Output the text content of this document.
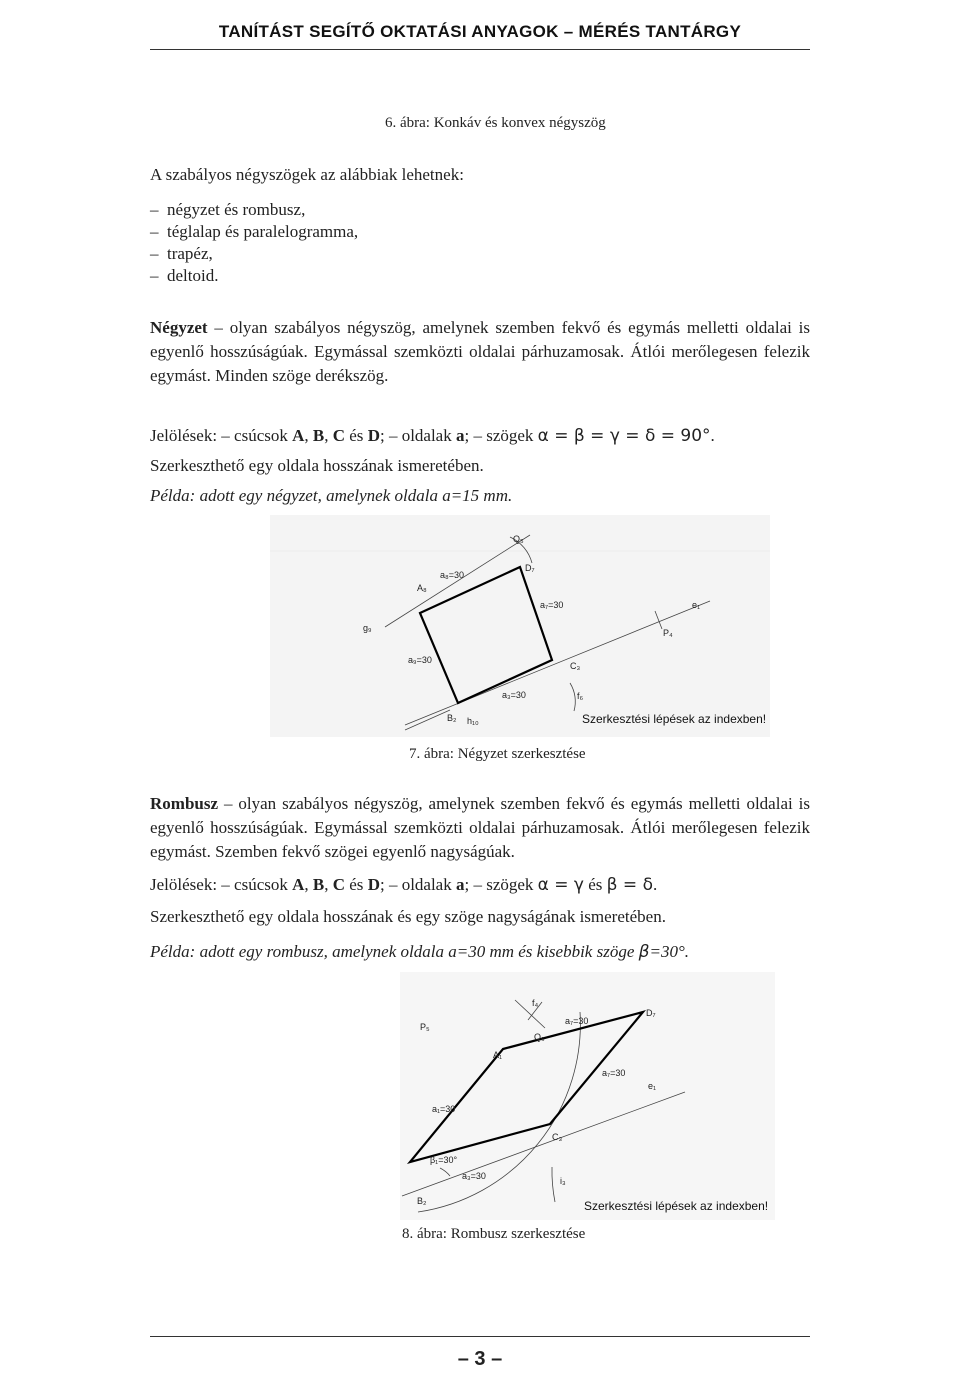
TANÍTÁST SEGÍTŐ OKTATÁSI ANYAGOK – MÉRÉS TANTÁRGY
6. ábra: Konkáv és konvex négyszög
A szabályos négyszögek az alábbiak lehetnek:
– négyzet és rombusz,
– téglalap és paralelogramma,
– trapéz,
– deltoid.
Négyzet – olyan szabályos négyszög, amelynek szemben fekvő és egymás melletti oldalai is egyenlő hosszúságúak. Egymással szemközti oldalai párhuzamosak. Átlói merőlegesen felezik egymást. Minden szöge derékszög.
Jelölések: – csúcsok A, B, C és D; – oldalak a; – szögek α = β = γ = δ = 90°.
Szerkeszthető egy oldala hosszának ismeretében.
Példa: adott egy négyzet, amelynek oldala a=15 mm.
Q₅
D₇
A₈
a₈=30
a₇=30	e₁
g₉	P₄
a₉=30
C₃
a₃=30	f₆
B₂ h₁₀	Szerkesztési lépések az indexben!
7. ábra: Négyzet szerkesztése
Rombusz – olyan szabályos négyszög, amelynek szemben fekvő és egymás melletti oldalai is egyenlő hosszúságúak. Egymással szemközti oldalai párhuzamosak. Átlói merőlegesen felezik egymást. Szemben fekvő szögei egyenlő nagyságúak.
Jelölések: – csúcsok A, B, C és D; – oldalak a; – szögek α = γ és β = δ.
Szerkeszthető egy oldala hosszának és egy szöge nagyságának ismeretében.
Példa: adott egy rombusz, amelynek oldala a=30 mm és kisebbik szöge β=30°.
f₄
D₇
P₅
Q₆
a₇=30
A₁
a₇=30
e₁
a₁=30
C₃
β₁=30°
a₃=30	i₃
B₂	Szerkesztési lépések az indexben!
8. ábra: Rombusz szerkesztése
– 3 –
